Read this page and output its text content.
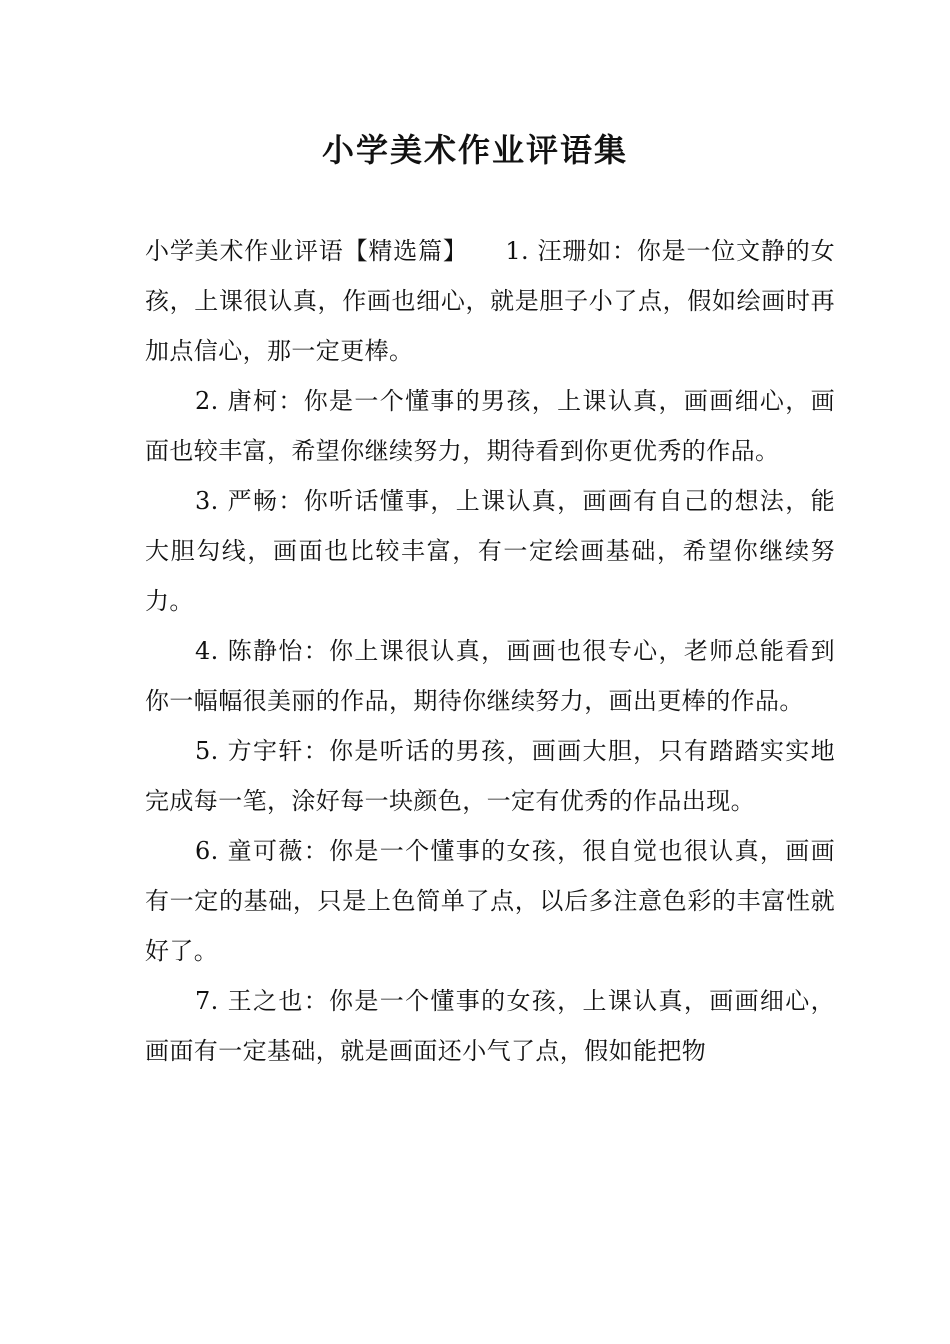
小学美术作业评语集

小学美术作业评语【精选篇】　　1. 汪珊如：你是一位文静的女孩，上课很认真，作画也细心，就是胆子小了点，假如绘画时再加点信心，那一定更棒。

2. 唐柯：你是一个懂事的男孩，上课认真，画画细心，画面也较丰富，希望你继续努力，期待看到你更优秀的作品。

3. 严畅：你听话懂事，上课认真，画画有自己的想法，能大胆勾线，画面也比较丰富，有一定绘画基础，希望你继续努力。

4. 陈静怡：你上课很认真，画画也很专心，老师总能看到你一幅幅很美丽的作品，期待你继续努力，画出更棒的作品。

5. 方宇轩：你是听话的男孩，画画大胆，只有踏踏实实地完成每一笔，涂好每一块颜色，一定有优秀的作品出现。

6. 童可薇：你是一个懂事的女孩，很自觉也很认真，画画有一定的基础，只是上色简单了点，以后多注意色彩的丰富性就好了。

7. 王之也：你是一个懂事的女孩，上课认真，画画细心，画面有一定基础，就是画面还小气了点，假如能把物
